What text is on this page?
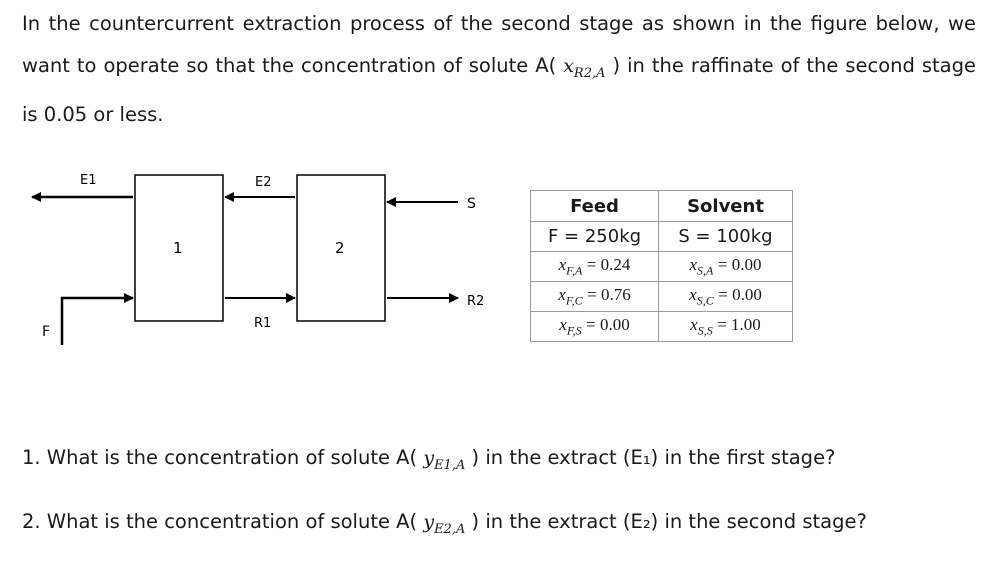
In the countercurrent extraction process of the second stage as shown in the figure below, we want to operate so that the concentration of solute A( $x_{R2,A}$ ) in the raffinate of the second stage is 0.05 or less.

E1	E2
S
F
R1
R2
1	2
Feed	Solvent
F = 250kg	S = 100kg
$x_{F,A} = 0.24$	$x_{S,A} = 0.00$
$x_{F,C} = 0.76$	$x_{S,C} = 0.00$
$x_{F,S} = 0.00$	$x_{S,S} = 1.00$

1. What is the concentration of solute A( $y_{E1,A}$ ) in the extract (E₁) in the first stage?

2. What is the concentration of solute A( $y_{E2,A}$ ) in the extract (E₂) in the second stage?
